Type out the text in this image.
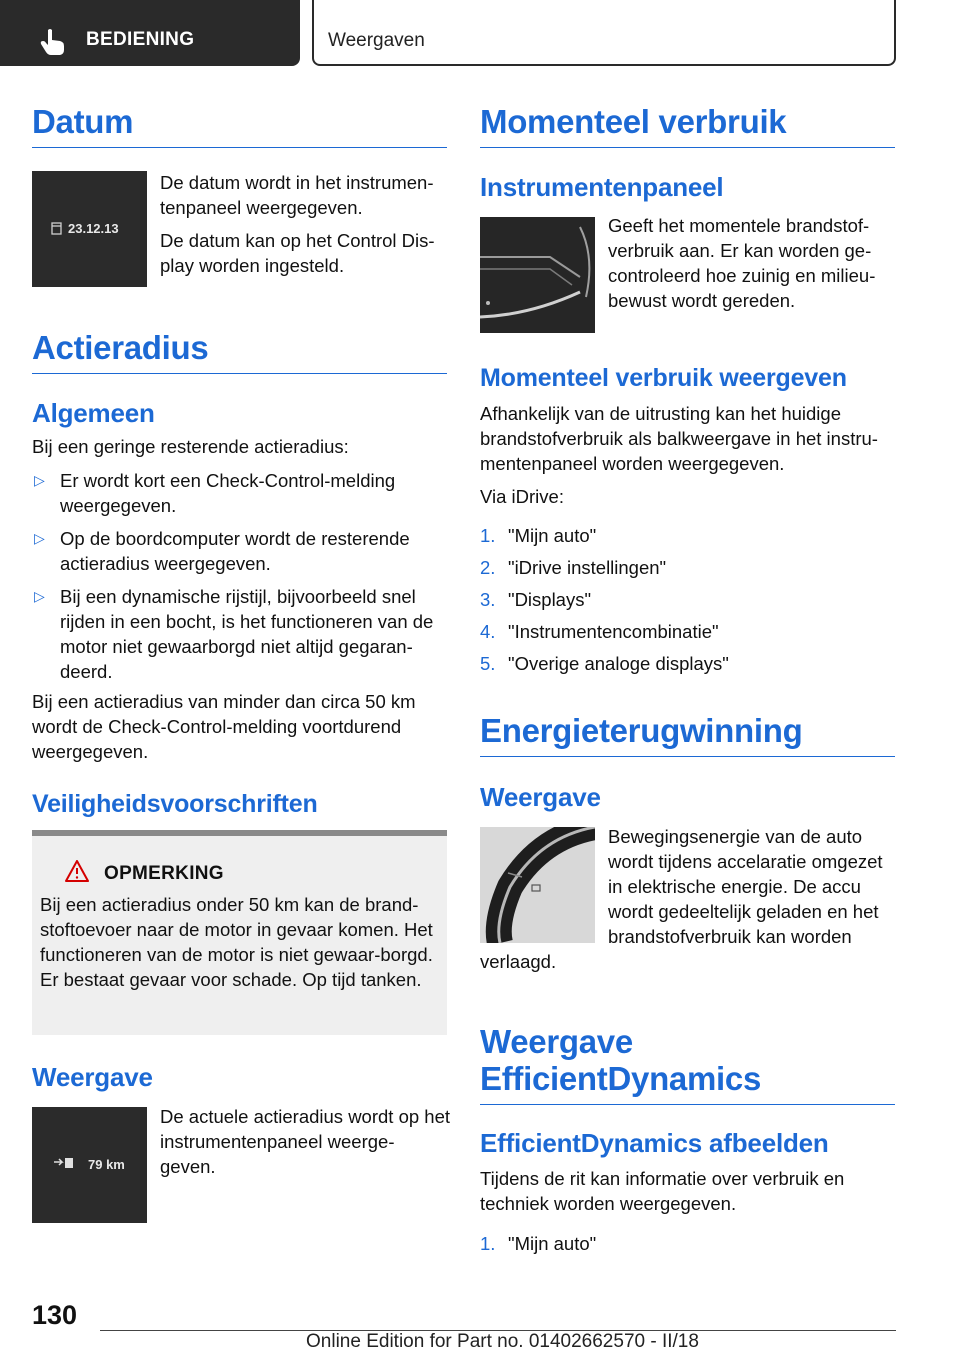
BEDIENING	Weergaven
Datum
23.12.13
De datum wordt in het instrumen-tenpaneel weergegeven.
De datum kan op het Control Dis-play worden ingesteld.
Actieradius
Algemeen
Bij een geringe resterende actieradius:
▷ Er wordt kort een Check-Control-melding weergegeven.
▷ Op de boordcomputer wordt de resterende actieradius weergegeven.
▷ Bij een dynamische rijstijl, bijvoorbeeld snel rijden in een bocht, is het functioneren van de motor niet gewaarborgd niet altijd gegaran-deerd.
Bij een actieradius van minder dan circa 50 km wordt de Check-Control-melding voortdurend weergegeven.
Veiligheidsvoorschriften
OPMERKING
Bij een actieradius onder 50 km kan de brand-stoftoevoer naar de motor in gevaar komen. Het functioneren van de motor is niet gewaar-borgd. Er bestaat gevaar voor schade. Op tijd tanken.
Weergave
79 km
De actuele actieradius wordt op het instrumentenpaneel weerge-geven.
Momenteel verbruik
Instrumentenpaneel
Geeft het momentele brandstof-verbruik aan. Er kan worden ge-controleerd hoe zuinig en milieu-bewust wordt gereden.
Momenteel verbruik weergeven
Afhankelijk van de uitrusting kan het huidige brandstofverbruik als balkweergave in het instru-mentenpaneel worden weergegeven.
Via iDrive:
1. "Mijn auto"
2. "iDrive instellingen"
3. "Displays"
4. "Instrumentencombinatie"
5. "Overige analoge displays"
Energieterugwinning
Weergave
Bewegingsenergie van de auto wordt tijdens accelaratie omgezet in elektrische energie. De accu wordt gedeeltelijk geladen en het brandstofverbruik kan worden
verlaagd.
Weergave
EfficientDynamics
EfficientDynamics afbeelden
Tijdens de rit kan informatie over verbruik en techniek worden weergegeven.
1. "Mijn auto"
130
Online Edition for Part no. 01402662570 - II/18
